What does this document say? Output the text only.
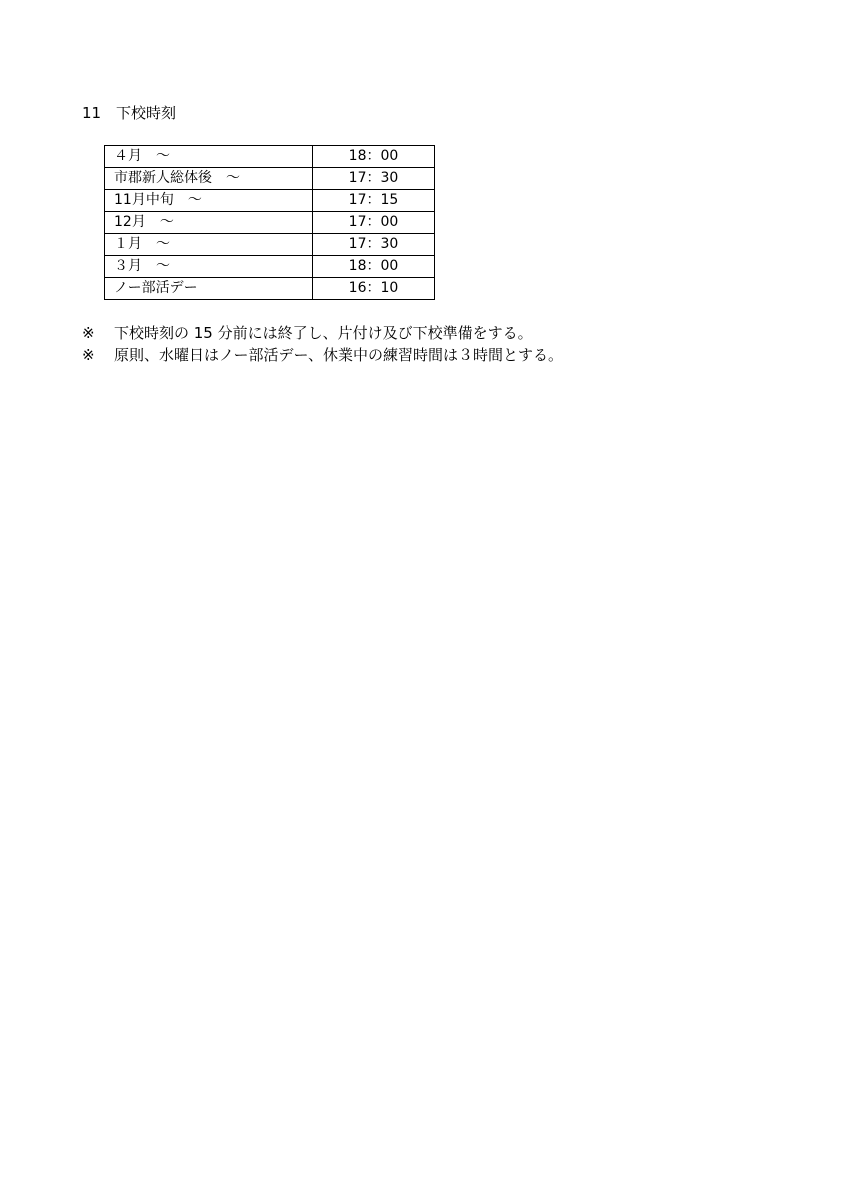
11 下校時刻
４月　～	18：00
市郡新人総体後　～	17：30
11月中旬　～	17：15
12月　～	17：00
１月　～	17：30
３月　～	18：00
ノー部活デー	16：10
※ 下校時刻の 15 分前には終了し、片付け及び下校準備をする。
※ 原則、水曜日はノー部活デー、休業中の練習時間は３時間とする。
